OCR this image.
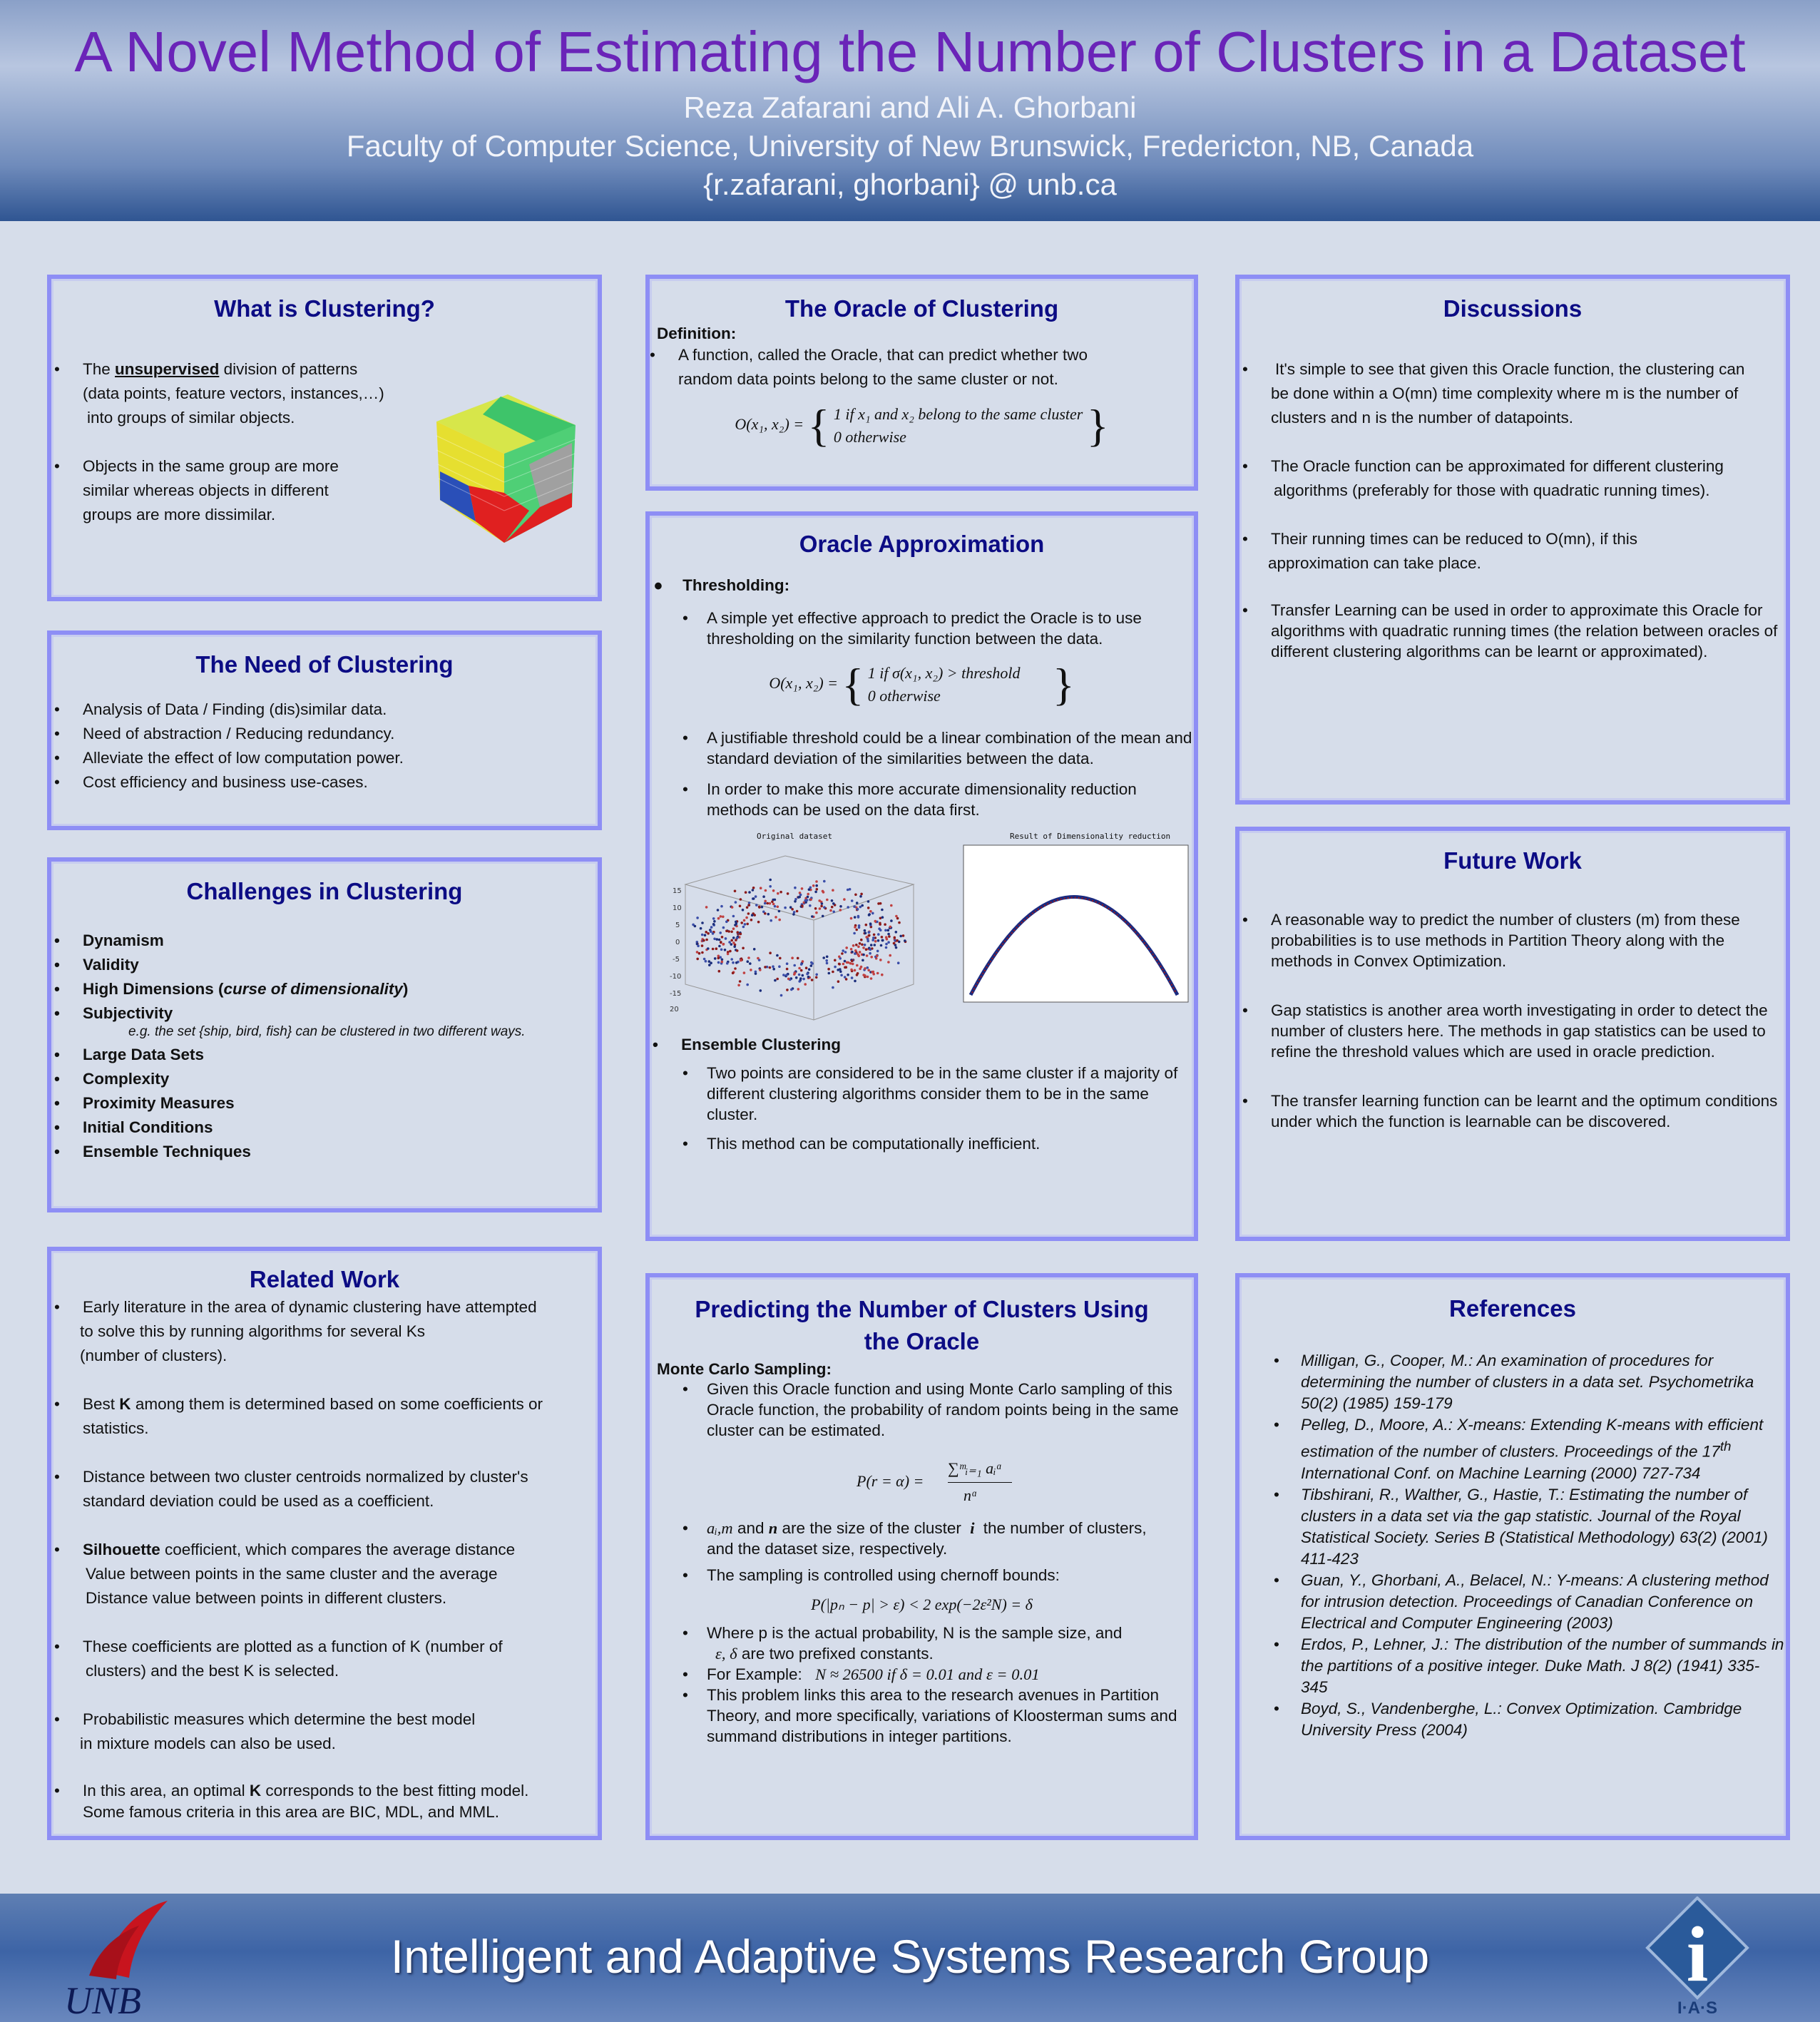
A Novel Method of Estimating the Number of Clusters in a Dataset
Reza Zafarani and Ali A. Ghorbani
Faculty of Computer Science, University of New Brunswick, Fredericton, NB, Canada
{r.zafarani, ghorbani} @ unb.ca
What is Clustering?
• The unsupervised division of patterns
(data points, feature vectors, instances,…)
into groups of similar objects.
• Objects in the same group are more
similar whereas objects in different
groups are more dissimilar.
The Need of Clustering
• Analysis of Data / Finding (dis)similar data.
• Need of abstraction / Reducing redundancy.
• Alleviate the effect of low computation power.
• Cost efficiency and business use-cases.
Challenges in Clustering
• Dynamism
• Validity
• High Dimensions (curse of dimensionality)
• Subjectivity
e.g. the set {ship, bird, fish} can be clustered in two different ways.
• Large Data Sets
• Complexity
• Proximity Measures
• Initial Conditions
• Ensemble Techniques
Related Work
• Early literature in the area of dynamic clustering have attempted
to solve this by running algorithms for several Ks
(number of clusters).
• Best K among them is determined based on some coefficients or
statistics.
• Distance between two cluster centroids normalized by cluster's
standard deviation could be used as a coefficient.
• Silhouette coefficient, which compares the average distance
Value between points in the same cluster and the average
Distance value between points in different clusters.
• These coefficients are plotted as a function of K (number of
clusters) and the best K is selected.
• Probabilistic measures which determine the best model
in mixture models can also be used.
• In this area, an optimal K corresponds to the best fitting model.
Some famous criteria in this area are BIC, MDL, and MML.
The Oracle of Clustering
Definition:
• A function, called the Oracle, that can predict whether two
random data points belong to the same cluster or not.
O(x₁, x₂) = { 1 if x₁ and x₂ belong to the same cluster
0 otherwise	}
Oracle Approximation
• Thresholding:
• A simple yet effective approach to predict the Oracle is to use thresholding on the similarity function between the data.
O(x₁, x₂) = { 1 if σ(x₁, x₂) > threshold
0 otherwise }
• A justifiable threshold could be a linear combination of the mean and standard deviation of the similarities between the data.
• In order to make this more accurate dimensionality reduction methods can be used on the data first.
Original dataset
15
10
5
0
-5
-10
-15
20
Result of Dimensionality reduction
• Ensemble Clustering
• Two points are considered to be in the same cluster if a majority of different clustering algorithms consider them to be in the same cluster.
• This method can be computationally inefficient.
Predicting the Number of Clusters Using
the Oracle
Monte Carlo Sampling:
• Given this Oracle function and using Monte Carlo sampling of this Oracle function, the probability of random points being in the same cluster can be estimated.
P(r = α) =
∑ᵐᵢ₌₁ aᵢᵅ
nᵅ
• aᵢ,m and n are the size of the cluster i the number of clusters,
and the dataset size, respectively.
• The sampling is controlled using chernoff bounds:
P(|pₙ − p| > ε) < 2 exp(−2ε²N) = δ
• Where p is the actual probability, N is the sample size, and
ε, δ are two prefixed constants.
• For Example: N ≈ 26500 if δ = 0.01 and ε = 0.01
• This problem links this area to the research avenues in Partition Theory, and more specifically, variations of Kloosterman sums and summand distributions in integer partitions.
Discussions
• It's simple to see that given this Oracle function, the clustering can
be done within a O(mn) time complexity where m is the number of
clusters and n is the number of datapoints.
• The Oracle function can be approximated for different clustering
algorithms (preferably for those with quadratic running times).
• Their running times can be reduced to O(mn), if this
approximation can take place.
• Transfer Learning can be used in order to approximate this Oracle for algorithms with quadratic running times (the relation between oracles of different clustering algorithms can be learnt or approximated).
Future Work
• A reasonable way to predict the number of clusters (m) from these probabilities is to use methods in Partition Theory along with the methods in Convex Optimization.
• Gap statistics is another area worth investigating in order to detect the number of clusters here. The methods in gap statistics can be used to refine the threshold values which are used in oracle prediction.
• The transfer learning function can be learnt and the optimum conditions under which the function is learnable can be discovered.
References
• Milligan, G., Cooper, M.: An examination of procedures for determining the number of clusters in a data set. Psychometrika 50(2) (1985) 159-179
• Pelleg, D., Moore, A.: X-means: Extending K-means with efficient estimation of the number of clusters. Proceedings of the 17th International Conf. on Machine Learning (2000) 727-734
• Tibshirani, R., Walther, G., Hastie, T.: Estimating the number of clusters in a data set via the gap statistic. Journal of the Royal Statistical Society. Series B (Statistical Methodology) 63(2) (2001) 411-423
• Guan, Y., Ghorbani, A., Belacel, N.: Y-means: A clustering method for intrusion detection. Proceedings of Canadian Conference on Electrical and Computer Engineering (2003)
• Erdos, P., Lehner, J.: The distribution of the number of summands in the partitions of a positive integer. Duke Math. J 8(2) (1941) 335-345
• Boyd, S., Vandenberghe, L.: Convex Optimization. Cambridge University Press (2004)
UNB
Intelligent and Adaptive Systems Research Group	i
I·A·S
